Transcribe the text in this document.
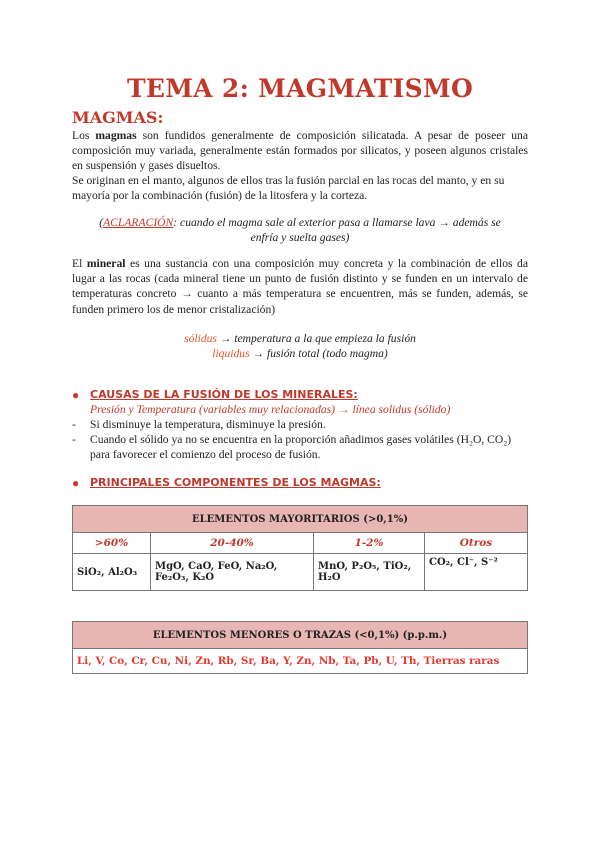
TEMA 2: MAGMATISMO
MAGMAS:
Los magmas son fundidos generalmente de composición silicatada. A pesar de poseer una composición muy variada, generalmente están formados por silicatos, y poseen algunos cristales en suspensión y gases disueltos.
Se originan en el manto, algunos de ellos tras la fusión parcial en las rocas del manto, y en su mayoría por la combinación (fusión) de la litosfera y la corteza.
(ACLARACIÓN: cuando el magma sale al exterior pasa a llamarse lava → además se enfría y suelta gases)
El mineral es una sustancia con una composición muy concreta y la combinación de ellos da lugar a las rocas (cada mineral tiene un punto de fusión distinto y se funden en un intervalo de temperaturas concreto → cuanto a más temperatura se encuentren, más se funden, además, se funden primero los de menor cristalización)
sólidus → temperatura a la que empieza la fusión
liquidus → fusión total (todo magma)
● CAUSAS DE LA FUSIÓN DE LOS MINERALES:
Presión y Temperatura (variables muy relacionadas) → línea solidus (sólido)
- Si disminuye la temperatura, disminuye la presión.
- Cuando el sólido ya no se encuentra en la proporción añadimos gases volátiles (H₂O, CO₂) para favorecer el comienzo del proceso de fusión.
● PRINCIPALES COMPONENTES DE LOS MAGMAS:
ELEMENTOS MAYORITARIOS (>0,1%)			
>60%	20-40%	1-2%	Otros
SiO₂, Al₂O₃	MgO, CaO, FeO, Na₂O, Fe₂O₃, K₂O	MnO, P₂O₅, TiO₂, H₂O	CO₂, Cl⁻, S⁻²
ELEMENTOS MENORES O TRAZAS (<0,1%) (p.p.m.)
Li, V, Co, Cr, Cu, Ni, Zn, Rb, Sr, Ba, Y, Zn, Nb, Ta, Pb, U, Th, Tierras raras
